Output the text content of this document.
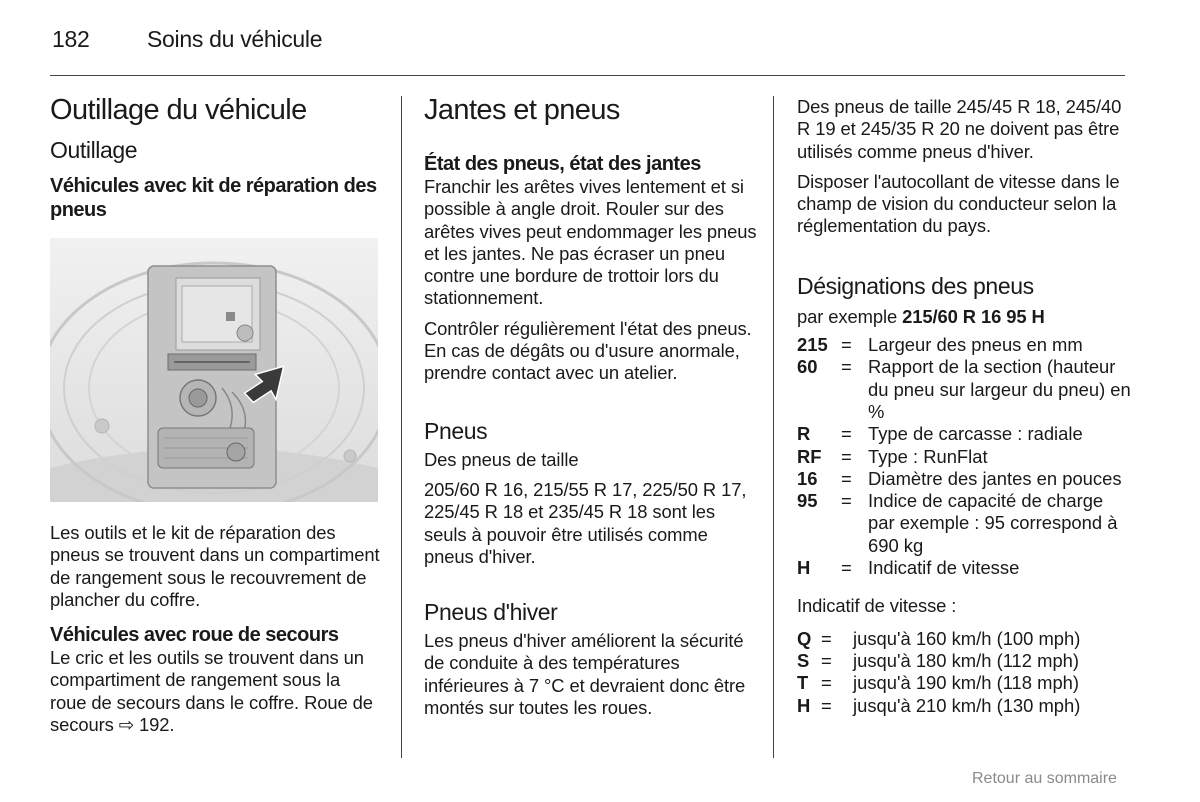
182	Soins du véhicule
Outillage du véhicule
Outillage
Véhicules avec kit de réparation des pneus

Les outils et le kit de réparation des pneus se trouvent dans un compartiment de rangement sous le recouvrement de plancher du coffre.

Véhicules avec roue de secours

Le cric et les outils se trouvent dans un compartiment de rangement sous la roue de secours dans le coffre. Roue de secours ⇨ 192.

Jantes et pneus
État des pneus, état des jantes

Franchir les arêtes vives lentement et si possible à angle droit. Rouler sur des arêtes vives peut endommager les pneus et les jantes. Ne pas écraser un pneu contre une bordure de trottoir lors du stationnement.

Contrôler régulièrement l'état des pneus. En cas de dégâts ou d'usure anormale, prendre contact avec un atelier.

Pneus

Des pneus de taille

205/60 R 16, 215/55 R 17, 225/50 R 17, 225/45 R 18 et 235/45 R 18 sont les seuls à pouvoir être utilisés comme pneus d'hiver.

Pneus d'hiver

Les pneus d'hiver améliorent la sécurité de conduite à des températures inférieures à 7 °C et devraient donc être montés sur toutes les roues.

Des pneus de taille 245/45 R 18, 245/40 R 19 et 245/35 R 20 ne doivent pas être utilisés comme pneus d'hiver.

Disposer l'autocollant de vitesse dans le champ de vision du conducteur selon la réglementation du pays.

Désignations des pneus

par exemple 215/60 R 16 95 H

215 = Largeur des pneus en mm
60	= Rapport de la section (hauteur du pneu sur largeur du pneu) en %
R	= Type de carcasse : radiale
RF	= Type : RunFlat
16	= Diamètre des jantes en pouces
95	= Indice de capacité de charge par exemple : 95 correspond à 690 kg
H	= Indicatif de vitesse

Indicatif de vitesse :

Q =	jusqu'à 160 km/h (100 mph)
S =	jusqu'à 180 km/h (112 mph)
T =	jusqu'à 190 km/h (118 mph)
H =	jusqu'à 210 km/h (130 mph)
Retour au sommaire
